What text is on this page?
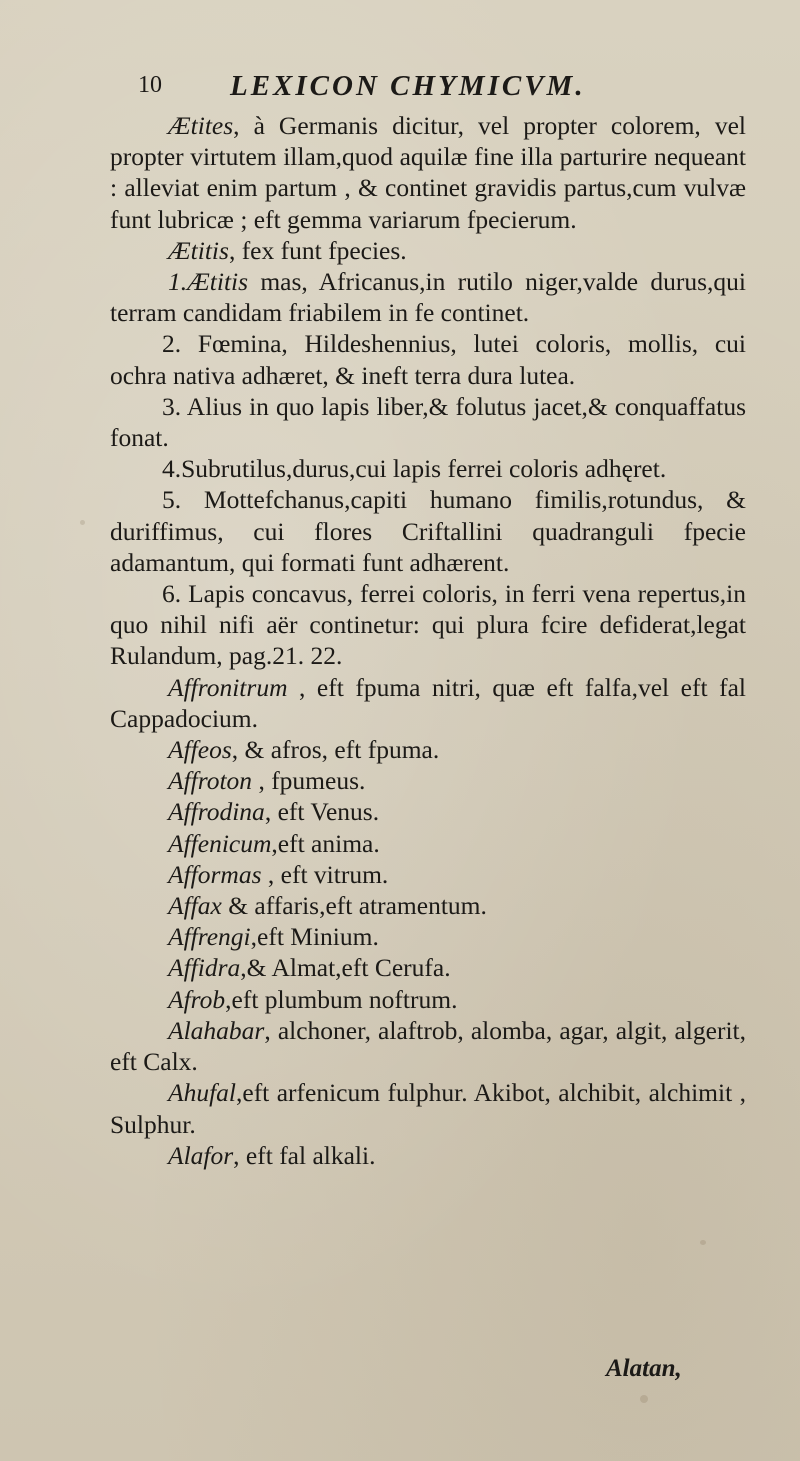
10 LEXICON CHYMICVM.

Ætites, à Germanis dicitur, vel propter colorem, vel propter virtutem illam,quod aquilæ fine illa parturire nequeant : alleviat enim partum , & continet gravidis partus,cum vulvæ funt lubricæ ; eft gemma variarum fpecierum.

Ætitis, fex funt fpecies.

1.Ætitis mas, Africanus,in rutilo niger,valde durus,qui terram candidam friabilem in fe continet.

2. Fœmina, Hildeshennius, lutei coloris, mollis, cui ochra nativa adhæret, & ineft terra dura lutea.

3. Alius in quo lapis liber,& folutus jacet,& conquaffatus fonat.

4.Subrutilus,durus,cui lapis ferrei coloris adhęret.

5. Mottefchanus,capiti humano fimilis,rotundus, & duriffimus, cui flores Criftallini quadranguli fpecie adamantum, qui formati funt adhærent.

6. Lapis concavus, ferrei coloris, in ferri vena repertus,in quo nihil nifi aër continetur: qui plura fcire defiderat,legat Rulandum, pag.21. 22.

Affronitrum , eft fpuma nitri, quæ eft falfa,vel eft fal Cappadocium.

Affeos, & afros, eft fpuma.

Affroton , fpumeus.

Affrodina, eft Venus.

Affenicum,eft anima.

Afformas , eft vitrum.

Affax & affaris,eft atramentum.

Affrengi,eft Minium.

Affidra,& Almat,eft Cerufa.

Afrob,eft plumbum noftrum.

Alahabar, alchoner, alaftrob, alomba, agar, algit, algerit, eft Calx.

Ahufal,eft arfenicum fulphur. Akibot, alchibit, alchimit , Sulphur.

Alafor, eft fal alkali.

Alatan,
